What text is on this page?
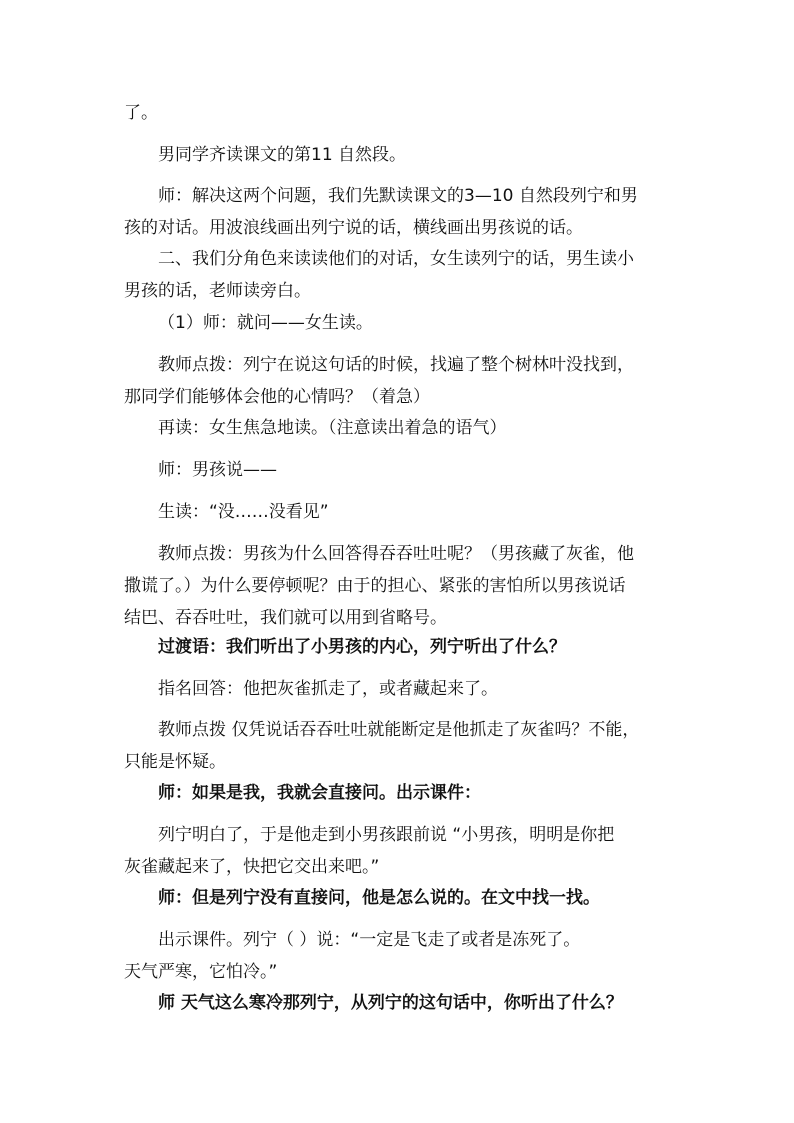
了。

男同学齐读课文的第11 自然段。

师：解决这两个问题，我们先默读课文的3—10 自然段列宁和男
孩的对话。用波浪线画出列宁说的话，横线画出男孩说的话。

二、我们分角色来读读他们的对话，女生读列宁的话，男生读小
男孩的话，老师读旁白。

（1）师：就问——女生读。

教师点拨：列宁在说这句话的时候，找遍了整个树林叶没找到，
那同学们能够体会他的心情吗？（着急）

再读：女生焦急地读。（注意读出着急的语气）

师：男孩说——

生读：“没……没看见”

教师点拨：男孩为什么回答得吞吞吐吐呢？（男孩藏了灰雀，他
撒谎了。）为什么要停顿呢？由于的担心、紧张的害怕所以男孩说话
结巴、吞吞吐吐，我们就可以用到省略号。

过渡语：我们听出了小男孩的内心，列宁听出了什么？

指名回答：他把灰雀抓走了，或者藏起来了。

教师点拨 仅凭说话吞吞吐吐就能断定是他抓走了灰雀吗？不能，
只能是怀疑。

师：如果是我，我就会直接问。出示课件：

列宁明白了，于是他走到小男孩跟前说 “小男孩，明明是你把
灰雀藏起来了，快把它交出来吧。”

师：但是列宁没有直接问，他是怎么说的。在文中找一找。

出示课件。列宁（ ）说：“一定是飞走了或者是冻死了。
天气严寒，它怕冷。”

师 天气这么寒冷那列宁，从列宁的这句话中，你听出了什么？
